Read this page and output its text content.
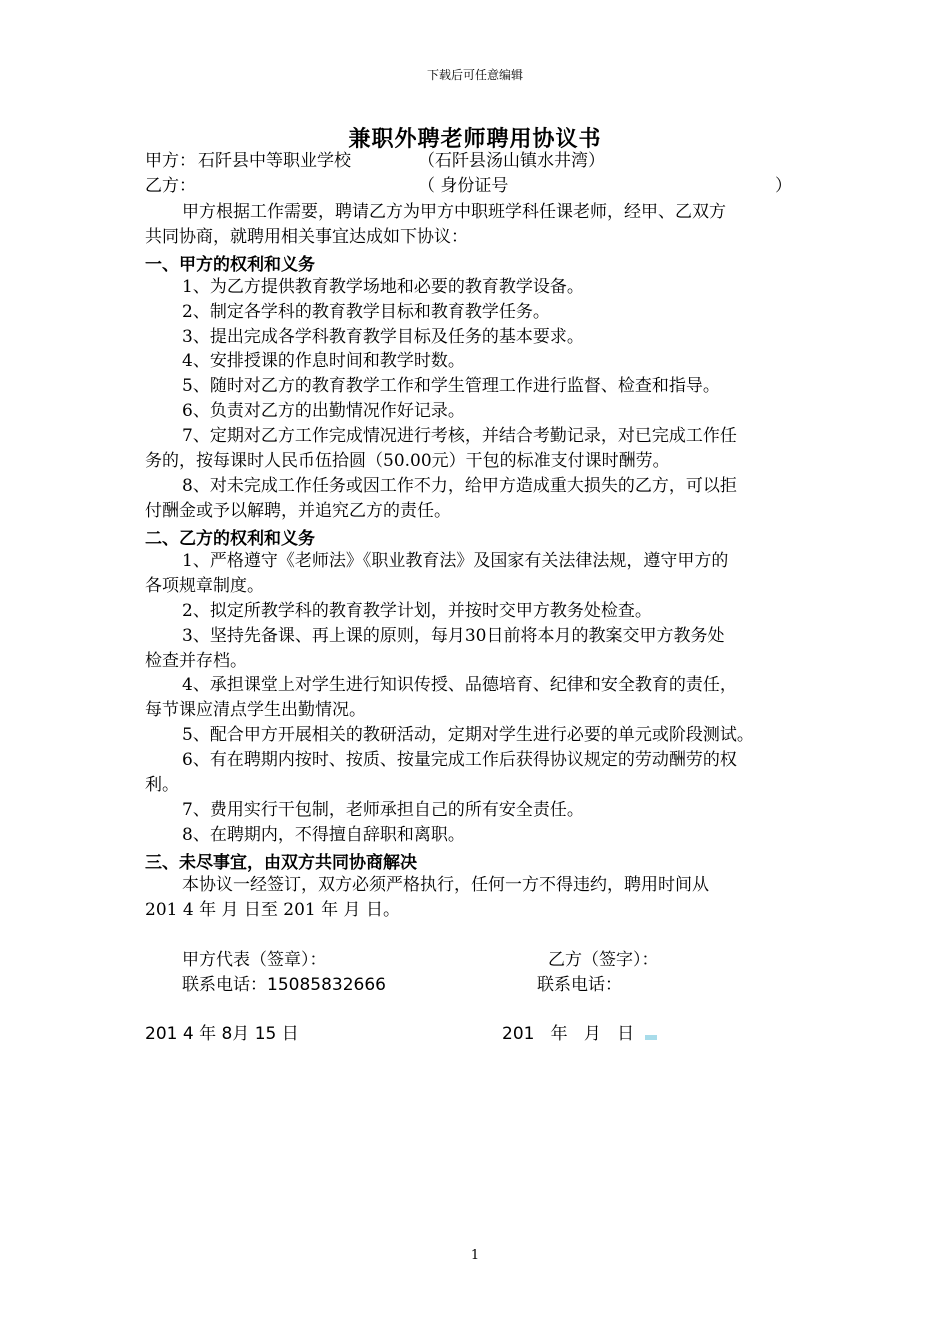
下载后可任意编辑
兼职外聘老师聘用协议书
甲方： 石阡县中等职业学校	（石阡县汤山镇水井湾）
乙方：	（ 身份证号	）
甲方根据工作需要，聘请乙方为甲方中职班学科任课老师，经甲、乙双方
共同协商，就聘用相关事宜达成如下协议：
一、甲方的权利和义务
1、为乙方提供教育教学场地和必要的教育教学设备。
2、制定各学科的教育教学目标和教育教学任务。
3、提出完成各学科教育教学目标及任务的基本要求。
4、安排授课的作息时间和教学时数。
5、随时对乙方的教育教学工作和学生管理工作进行监督、检查和指导。
6、负责对乙方的出勤情况作好记录。
7、定期对乙方工作完成情况进行考核，并结合考勤记录，对已完成工作任
务的，按每课时人民币伍拾圆（50.00元）干包的标准支付课时酬劳。
8、对未完成工作任务或因工作不力，给甲方造成重大损失的乙方，可以拒
付酬金或予以解聘，并追究乙方的责任。
二、乙方的权利和义务
1、严格遵守《老师法》《职业教育法》及国家有关法律法规，遵守甲方的
各项规章制度。
2、拟定所教学科的教育教学计划，并按时交甲方教务处检查。
3、坚持先备课、再上课的原则，每月30日前将本月的教案交甲方教务处
检查并存档。
4、承担课堂上对学生进行知识传授、品德培育、纪律和安全教育的责任，
每节课应清点学生出勤情况。
5、配合甲方开展相关的教研活动，定期对学生进行必要的单元或阶段测试。
6、有在聘期内按时、按质、按量完成工作后获得协议规定的劳动酬劳的权
利。
7、费用实行干包制，老师承担自己的所有安全责任。
8、在聘期内，不得擅自辞职和离职。
三、未尽事宜，由双方共同协商解决
本协议一经签订，双方必须严格执行，任何一方不得违约，聘用时间从
201 4 年 月 日至 201 年 月 日。
甲方代表（签章）：	乙方（签字）：
联系电话：15085832666	联系电话：
201 4 年 8月 15 日	201   年   月   日
1
